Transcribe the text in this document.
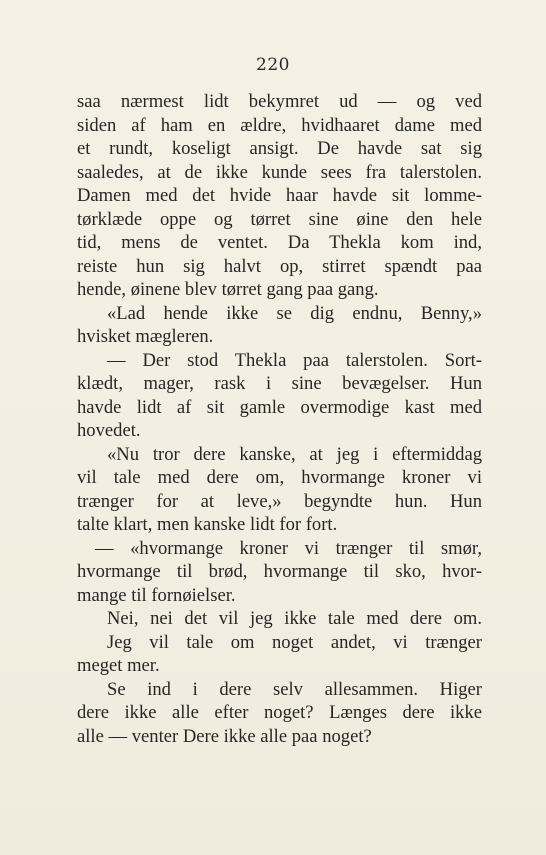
220
saa nærmest lidt bekymret ud — og ved
siden af ham en ældre, hvidhaaret dame med
et rundt, koseligt ansigt. De havde sat sig
saaledes, at de ikke kunde sees fra talerstolen.
Damen med det hvide haar havde sit lomme-
tørklæde oppe og tørret sine øine den hele
tid, mens de ventet. Da Thekla kom ind,
reiste hun sig halvt op, stirret spændt paa
hende, øinene blev tørret gang paa gang.
«Lad hende ikke se dig endnu, Benny,»
hvisket mægleren.
— Der stod Thekla paa talerstolen. Sort-
klædt, mager, rask i sine bevægelser. Hun
havde lidt af sit gamle overmodige kast med
hovedet.
«Nu tror dere kanske, at jeg i eftermiddag
vil tale med dere om, hvormange kroner vi
trænger for at leve,» begyndte hun. Hun
talte klart, men kanske lidt for fort.
— «hvormange kroner vi trænger til smør,
hvormange til brød, hvormange til sko, hvor-
mange til fornøielser.
Nei, nei det vil jeg ikke tale med dere om.
Jeg vil tale om noget andet, vi trænger
meget mer.
Se ind i dere selv allesammen. Higer
dere ikke alle efter noget? Længes dere ikke
alle — venter Dere ikke alle paa noget?
